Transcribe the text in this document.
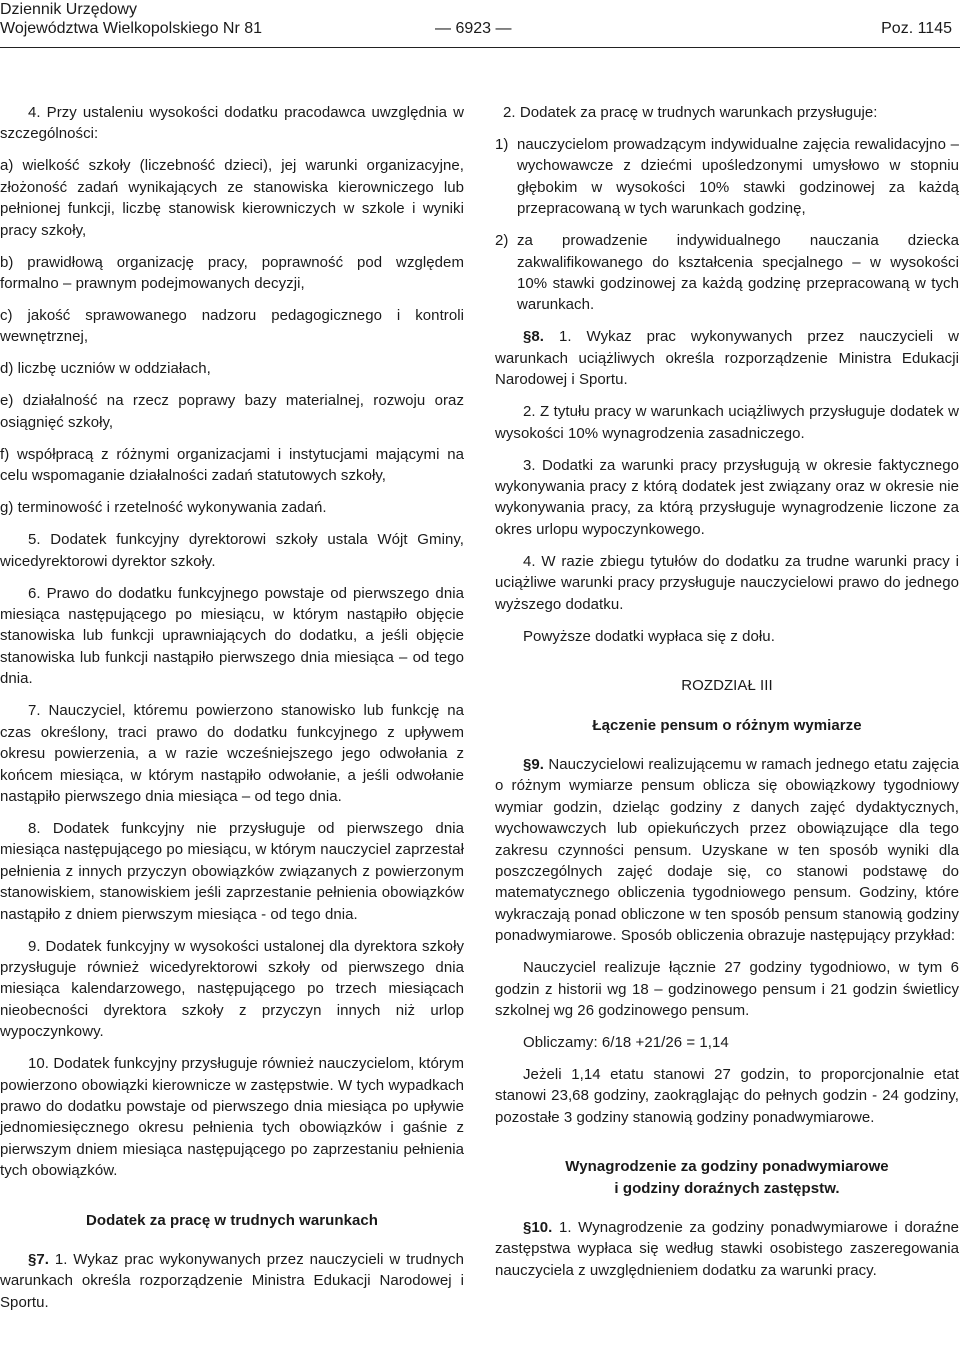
Dziennik Urzędowy
Województwa Wielkopolskiego Nr 81	— 6923 —	Poz. 1145

4. Przy ustaleniu wysokości dodatku pracodawca uwzględnia w szczególności:

a) wielkość szkoły (liczebność dzieci), jej warunki organizacyjne, złożoność zadań wynikających ze stanowiska kierowniczego lub pełnionej funkcji, liczbę stanowisk kierowniczych w szkole i wyniki pracy szkoły,

b) prawidłową organizację pracy, poprawność pod względem formalno – prawnym podejmowanych decyzji,

c) jakość sprawowanego nadzoru pedagogicznego i kontroli wewnętrznej,

d) liczbę uczniów w oddziałach,

e) działalność na rzecz poprawy bazy materialnej, rozwoju oraz osiągnięć szkoły,

f) współpracą z różnymi organizacjami i instytucjami mającymi na celu wspomaganie działalności zadań statutowych szkoły,

g) terminowość i rzetelność wykonywania zadań.

5. Dodatek funkcyjny dyrektorowi szkoły ustala Wójt Gminy, wicedyrektorowi dyrektor szkoły.

6. Prawo do dodatku funkcyjnego powstaje od pierwszego dnia miesiąca następującego po miesiącu, w którym nastąpiło objęcie stanowiska lub funkcji uprawniających do dodatku, a jeśli objęcie stanowiska lub funkcji nastąpiło pierwszego dnia miesiąca – od tego dnia.

7. Nauczyciel, któremu powierzono stanowisko lub funkcję na czas określony, traci prawo do dodatku funkcyjnego z upływem okresu powierzenia, a w razie wcześniejszego jego odwołania z końcem miesiąca, w którym nastąpiło odwołanie, a jeśli odwołanie nastąpiło pierwszego dnia miesiąca – od tego dnia.

8. Dodatek funkcyjny nie przysługuje od pierwszego dnia miesiąca następującego po miesiącu, w którym nauczyciel zaprzestał pełnienia z innych przyczyn obowiązków związanych z powierzonym stanowiskiem, stanowiskiem jeśli zaprzestanie pełnienia obowiązków nastąpiło z dniem pierwszym miesiąca - od tego dnia.

9. Dodatek funkcyjny w wysokości ustalonej dla dyrektora szkoły przysługuje również wicedyrektorowi szkoły od pierwszego dnia miesiąca kalendarzowego, następującego po trzech miesiącach nieobecności dyrektora szkoły z przyczyn innych niż urlop wypoczynkowy.

10. Dodatek funkcyjny przysługuje również nauczycielom, którym powierzono obowiązki kierownicze w zastępstwie. W tych wypadkach prawo do dodatku powstaje od pierwszego dnia miesiąca po upływie jednomiesięcznego okresu pełnienia tych obowiązków i gaśnie z pierwszym dniem miesiąca następującego po zaprzestaniu pełnienia tych obowiązków.

Dodatek za pracę w trudnych warunkach

§7. 1. Wykaz prac wykonywanych przez nauczycieli w trudnych warunkach określa rozporządzenie Ministra Edukacji Narodowej i Sportu.

2. Dodatek za pracę w trudnych warunkach przysługuje:

1) nauczycielom prowadzącym indywidualne zajęcia rewalidacyjno – wychowawcze z dziećmi upośledzonymi umysłowo w stopniu głębokim w wysokości 10% stawki godzinowej za każdą przepracowaną w tych warunkach godzinę,

2) za prowadzenie indywidualnego nauczania dziecka zakwalifikowanego do kształcenia specjalnego – w wysokości 10% stawki godzinowej za każdą godzinę przepracowaną w tych warunkach.

§8. 1. Wykaz prac wykonywanych przez nauczycieli w warunkach uciążliwych określa rozporządzenie Ministra Edukacji Narodowej i Sportu.

2. Z tytułu pracy w warunkach uciążliwych przysługuje dodatek w wysokości 10% wynagrodzenia zasadniczego.

3. Dodatki za warunki pracy przysługują w okresie faktycznego wykonywania pracy z którą dodatek jest związany oraz w okresie nie wykonywania pracy, za którą przysługuje wynagrodzenie liczone za okres urlopu wypoczynkowego.

4. W razie zbiegu tytułów do dodatku za trudne warunki pracy i uciążliwe warunki pracy przysługuje nauczycielowi prawo do jednego wyższego dodatku.

Powyższe dodatki wypłaca się z dołu.

ROZDZIAŁ III

Łączenie pensum o różnym wymiarze

§9. Nauczycielowi realizującemu w ramach jednego etatu zajęcia o różnym wymiarze pensum oblicza się obowiązkowy tygodniowy wymiar godzin, dzieląc godziny z danych zajęć dydaktycznych, wychowawczych lub opiekuńczych przez obowiązujące dla tego zakresu czynności pensum. Uzyskane w ten sposób wyniki dla poszczególnych zajęć dodaje się, co stanowi podstawę do matematycznego obliczenia tygodniowego pensum. Godziny, które wykraczają ponad obliczone w ten sposób pensum stanowią godziny ponadwymiarowe. Sposób obliczenia obrazuje następujący przykład:

Nauczyciel realizuje łącznie 27 godziny tygodniowo, w tym 6 godzin z historii wg 18 – godzinowego pensum i 21 godzin świetlicy szkolnej wg 26 godzinowego pensum.

Obliczamy: 6/18 +21/26 = 1,14

Jeżeli 1,14 etatu stanowi 27 godzin, to proporcjonalnie etat stanowi 23,68 godziny, zaokrąglając do pełnych godzin - 24 godziny, pozostałe 3 godziny stanowią godziny ponadwymiarowe.

Wynagrodzenie za godziny ponadwymiarowe

i godziny doraźnych zastępstw.

§10. 1. Wynagrodzenie za godziny ponadwymiarowe i doraźne zastępstwa wypłaca się według stawki osobistego zaszeregowania nauczyciela z uwzględnieniem dodatku za warunki pracy.
